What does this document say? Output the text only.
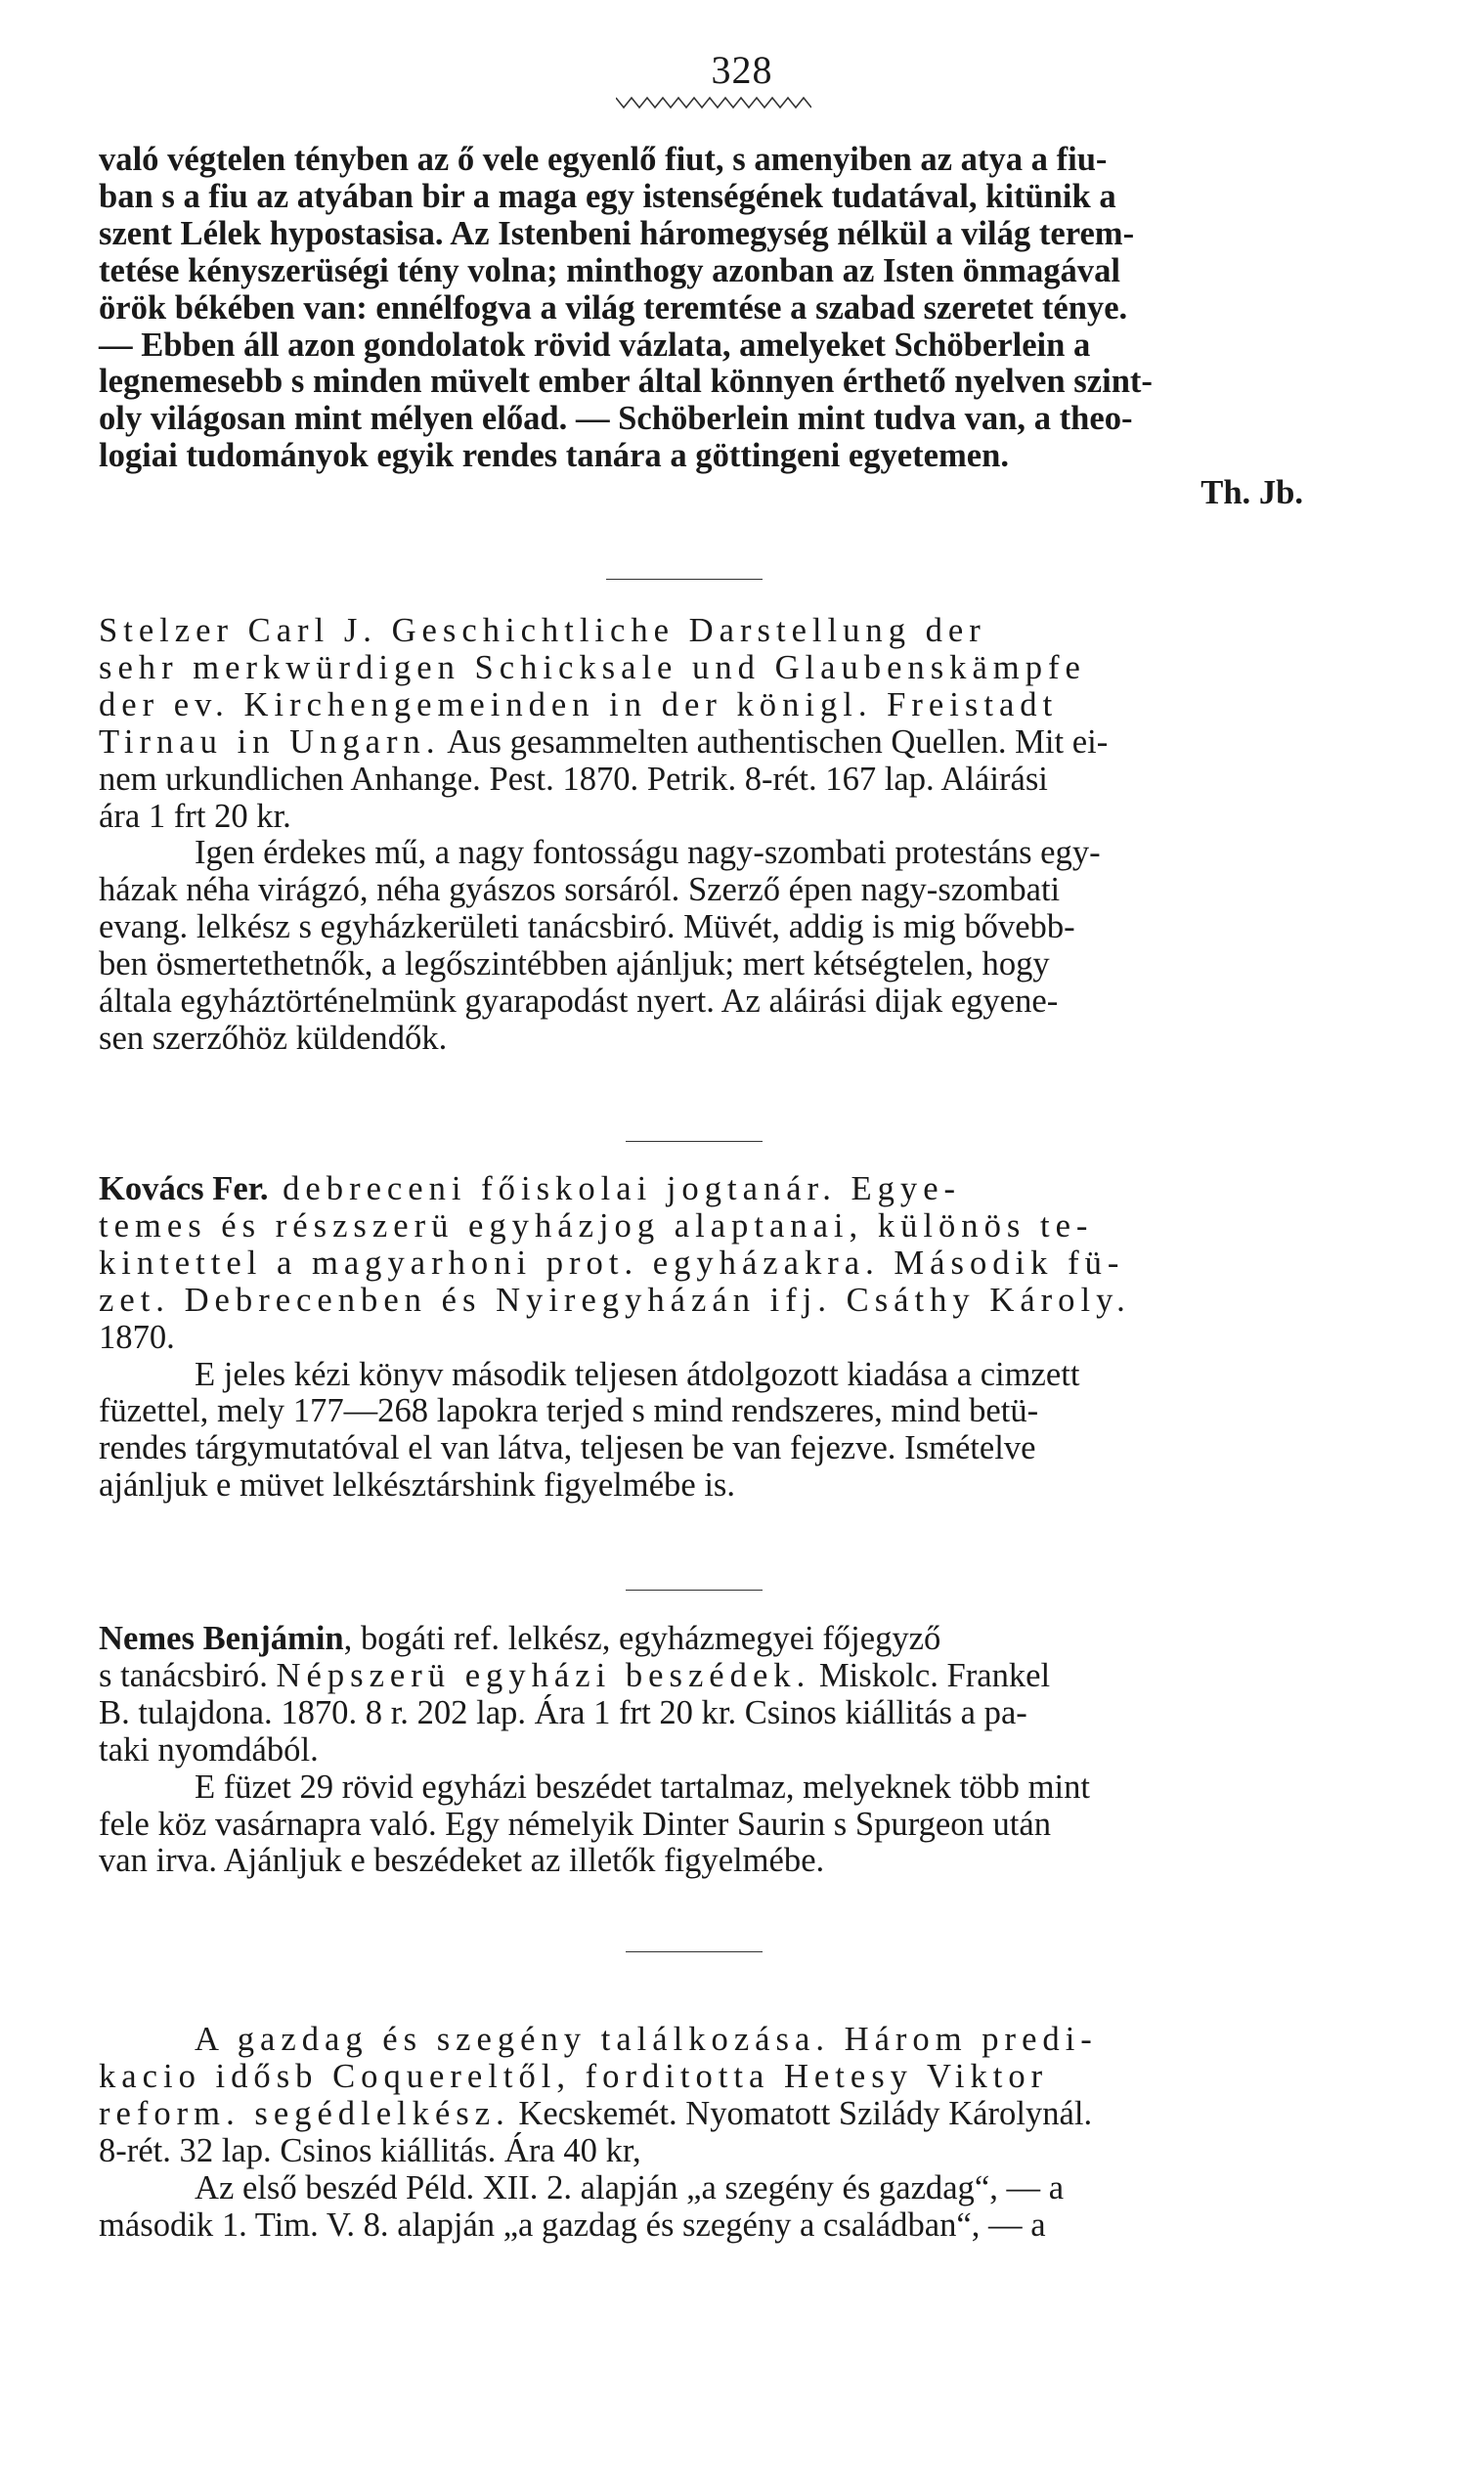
328

való végtelen tényben az ő vele egyenlő fiut, s amenyiben az atya a fiu-

ban s a fiu az atyában bir a maga egy istenségének tudatával, kitünik a

szent Lélek hypostasisa. Az Istenbeni háromegység nélkül a világ terem-

tetése kényszerüségi tény volna; minthogy azonban az Isten önmagával

örök békében van: ennélfogva a világ teremtése a szabad szeretet ténye.

— Ebben áll azon gondolatok rövid vázlata, amelyeket Schöberlein a

legnemesebb s minden müvelt ember által könnyen érthető nyelven szint-

oly világosan mint mélyen előad. — Schöberlein mint tudva van, a theo-

logiai tudományok egyik rendes tanára a göttingeni egyetemen.

Th. Jb.

Stelzer Carl J. Geschichtliche Darstellung der

sehr merkwürdigen Schicksale und Glaubenskämpfe

der ev. Kirchengemeinden in der königl. Freistadt

Tirnau in Ungarn. Aus gesammelten authentischen Quellen. Mit ei-

nem urkundlichen Anhange. Pest. 1870. Petrik. 8-rét. 167 lap. Aláirási

ára 1 frt 20 kr.

Igen érdekes mű, a nagy fontosságu nagy-szombati protestáns egy-

házak néha virágzó, néha gyászos sorsáról. Szerző épen nagy-szombati

evang. lelkész s egyházkerületi tanácsbiró. Müvét, addig is mig bővebb-

ben ösmertethetnők, a legőszintébben ajánljuk; mert kétségtelen, hogy

általa egyháztörténelmünk gyarapodást nyert. Az aláirási dijak egyene-

sen szerzőhöz küldendők.

Kovács Fer. debreceni főiskolai jogtanár. Egye-

temes és részszerü egyházjog alaptanai, különös te-

kintettel a magyarhoni prot. egyházakra. Második fü-

zet. Debrecenben és Nyiregyházán ifj. Csáthy Károly.

1870.

E jeles kézi könyv második teljesen átdolgozott kiadása a cimzett

füzettel, mely 177—268 lapokra terjed s mind rendszeres, mind betü-

rendes tárgymutatóval el van látva, teljesen be van fejezve. Ismételve

ajánljuk e müvet lelkésztárshink figyelmébe is.

Nemes Benjámin, bogáti ref. lelkész, egyházmegyei főjegyző

s tanácsbiró. Népszerü egyházi beszédek. Miskolc. Frankel

B. tulajdona. 1870. 8 r. 202 lap. Ára 1 frt 20 kr. Csinos kiállitás a pa-

taki nyomdából.

E füzet 29 rövid egyházi beszédet tartalmaz, melyeknek több mint

fele köz vasárnapra való. Egy némelyik Dinter Saurin s Spurgeon után

van irva. Ajánljuk e beszédeket az illetők figyelmébe.

A gazdag és szegény találkozása. Három predi-

kacio idősb Coquereltől, forditotta Hetesy Viktor

reform. segédlelkész. Kecskemét. Nyomatott Szilády Károlynál.

8-rét. 32 lap. Csinos kiállitás. Ára 40 kr,

Az első beszéd Péld. XII. 2. alapján „a szegény és gazdag“, — a

második 1. Tim. V. 8. alapján „a gazdag és szegény a családban“, — a
